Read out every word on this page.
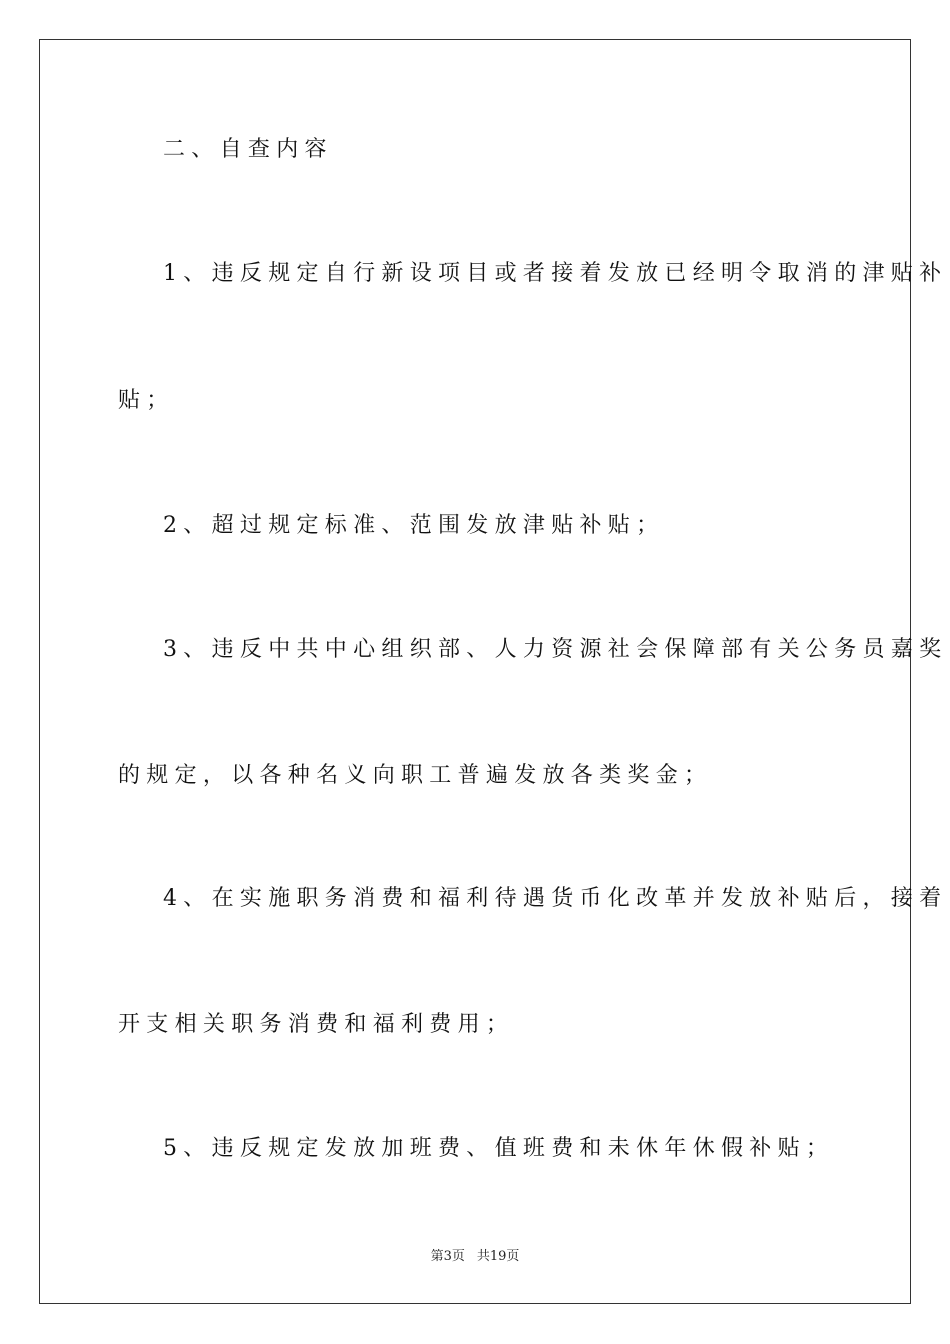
二、自查内容
1、违反规定自行新设项目或者接着发放已经明令取消的津贴补
贴；
2、超过规定标准、范围发放津贴补贴；
3、违反中共中心组织部、人力资源社会保障部有关公务员嘉奖
的规定，以各种名义向职工普遍发放各类奖金；
4、在实施职务消费和福利待遇货币化改革并发放补贴后，接着
开支相关职务消费和福利费用；
5、违反规定发放加班费、值班费和未休年休假补贴；
第3页 共19页
